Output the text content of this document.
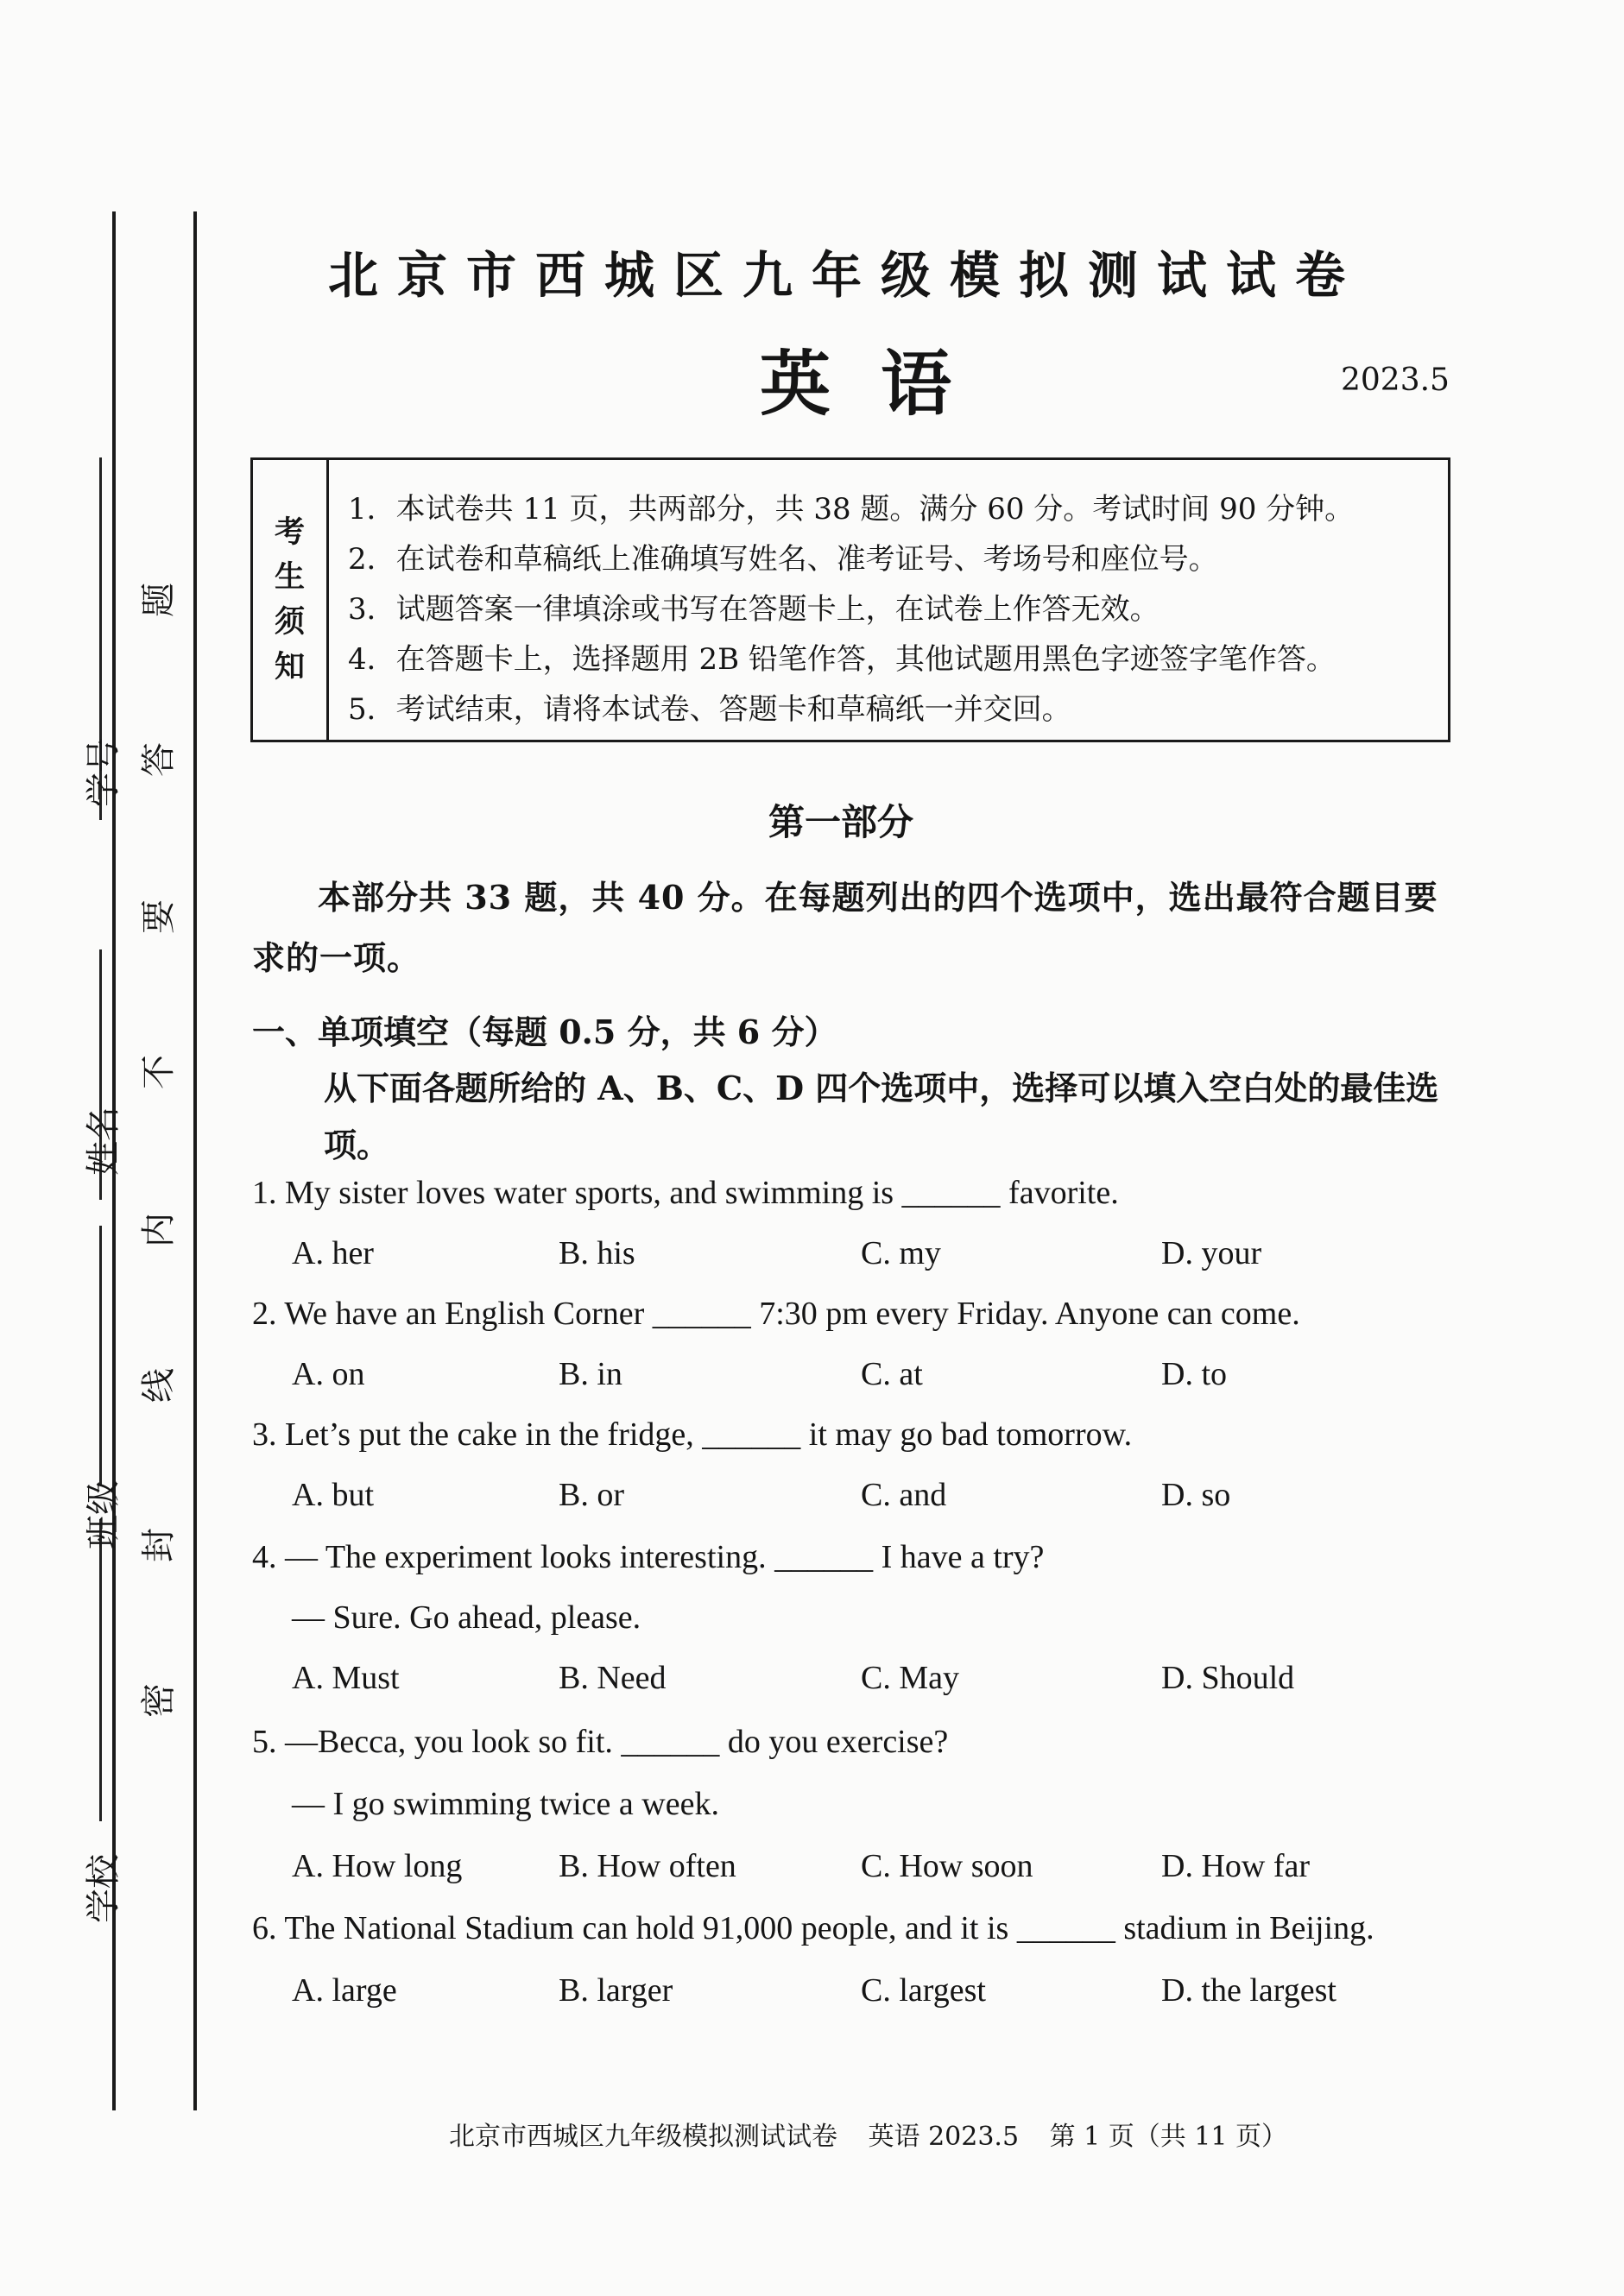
学号
姓名
班级
学校
题
答
要
不
内
线
封
密
北京市西城区九年级模拟测试试卷
英语	2023.5
考
生
须
知
1．本试卷共 11 页，共两部分，共 38 题。满分 60 分。考试时间 90 分钟。
2．在试卷和草稿纸上准确填写姓名、准考证号、考场号和座位号。
3．试题答案一律填涂或书写在答题卡上，在试卷上作答无效。
4．在答题卡上，选择题用 2B 铅笔作答，其他试题用黑色字迹签字笔作答。
5．考试结束，请将本试卷、答题卡和草稿纸一并交回。
第一部分
本部分共 33 题，共 40 分。在每题列出的四个选项中，选出最符合题目要求的一项。
一、单项填空（每题 0.5 分，共 6 分）
从下面各题所给的 A、B、C、D 四个选项中，选择可以填入空白处的最佳选项。
1. My sister loves water sports, and swimming is ______ favorite.
A. her	B. his	C. my	D. your
2. We have an English Corner ______ 7:30 pm every Friday. Anyone can come.
A. on	B. in	C. at	D. to
3. Let’s put the cake in the fridge, ______ it may go bad tomorrow.
A. but	B. or	C. and	D. so
4. — The experiment looks interesting. ______ I have a try?
— Sure. Go ahead, please.
A. Must	B. Need	C. May	D. Should
5. —Becca, you look so fit. ______ do you exercise?
— I go swimming twice a week.
A. How long	B. How often	C. How soon	D. How far
6. The National Stadium can hold 91,000 people, and it is ______ stadium in Beijing.
A. large	B. larger	C. largest	D. the largest
北京市西城区九年级模拟测试试卷 英语 2023.5 第 1 页（共 11 页）
